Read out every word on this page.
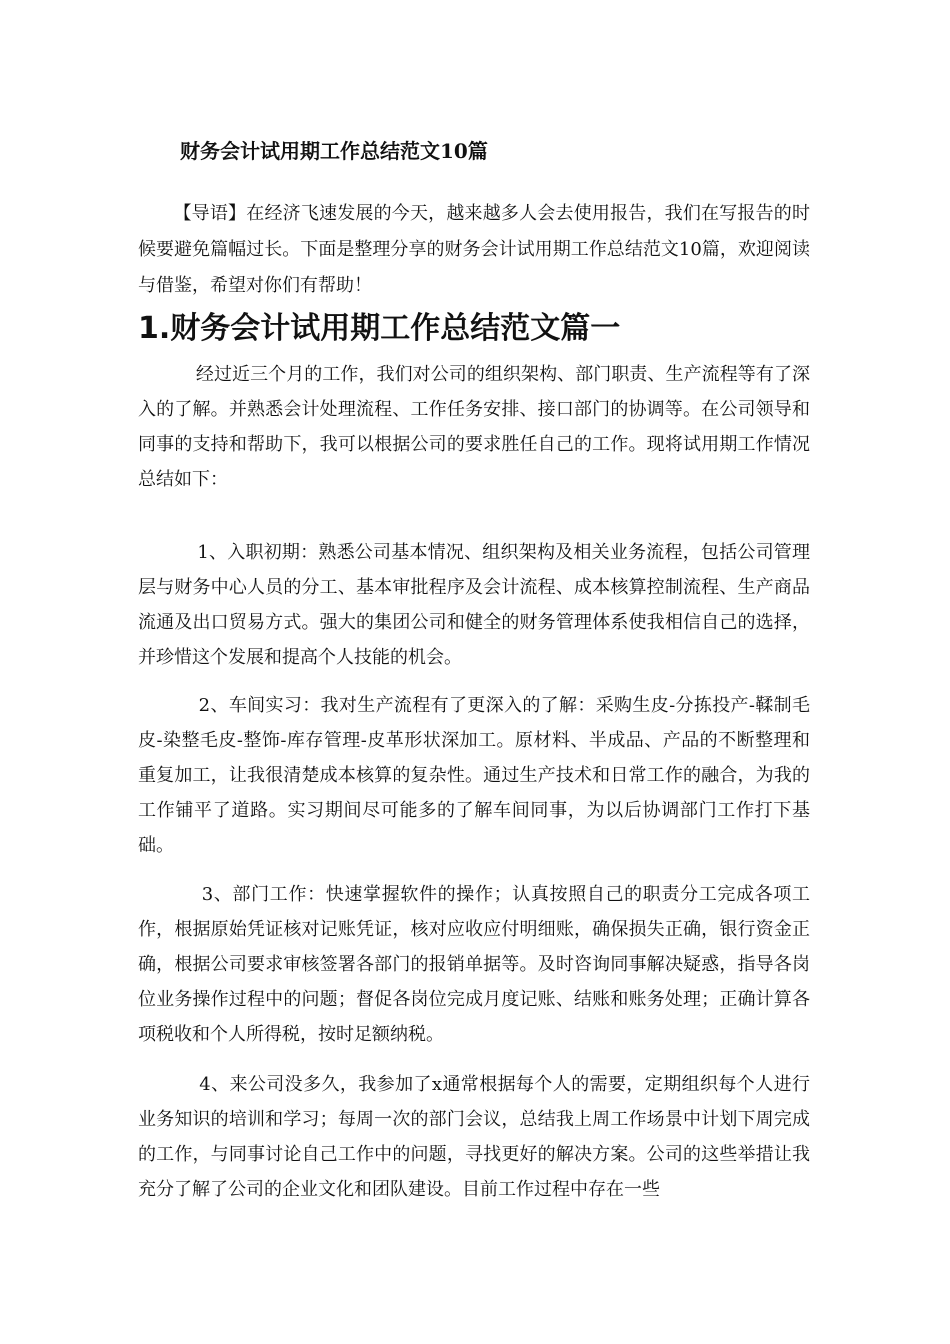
财务会计试用期工作总结范文10篇
【导语】在经济飞速发展的今天，越来越多人会去使用报告，我们在写报告的时候要避免篇幅过长。下面是整理分享的财务会计试用期工作总结范文10篇，欢迎阅读与借鉴，希望对你们有帮助！
1.财务会计试用期工作总结范文篇一
经过近三个月的工作，我们对公司的组织架构、部门职责、生产流程等有了深入的了解。并熟悉会计处理流程、工作任务安排、接口部门的协调等。在公司领导和同事的支持和帮助下，我可以根据公司的要求胜任自己的工作。现将试用期工作情况总结如下：
1、入职初期：熟悉公司基本情况、组织架构及相关业务流程，包括公司管理层与财务中心人员的分工、基本审批程序及会计流程、成本核算控制流程、生产商品流通及出口贸易方式。强大的集团公司和健全的财务管理体系使我相信自己的选择，并珍惜这个发展和提高个人技能的机会。
2、车间实习：我对生产流程有了更深入的了解：采购生皮-分拣投产-鞣制毛皮-染整毛皮-整饰-库存管理-皮革形状深加工。原材料、半成品、产品的不断整理和重复加工，让我很清楚成本核算的复杂性。通过生产技术和日常工作的融合，为我的工作铺平了道路。实习期间尽可能多的了解车间同事，为以后协调部门工作打下基础。
3、部门工作：快速掌握软件的操作；认真按照自己的职责分工完成各项工作，根据原始凭证核对记账凭证，核对应收应付明细账，确保损失正确，银行资金正确，根据公司要求审核签署各部门的报销单据等。及时咨询同事解决疑惑，指导各岗位业务操作过程中的问题；督促各岗位完成月度记账、结账和账务处理；正确计算各项税收和个人所得税，按时足额纳税。
4、来公司没多久，我参加了x通常根据每个人的需要，定期组织每个人进行业务知识的培训和学习；每周一次的部门会议，总结我上周工作场景中计划下周完成的工作，与同事讨论自己工作中的问题，寻找更好的解决方案。公司的这些举措让我充分了解了公司的企业文化和团队建设。目前工作过程中存在一些
